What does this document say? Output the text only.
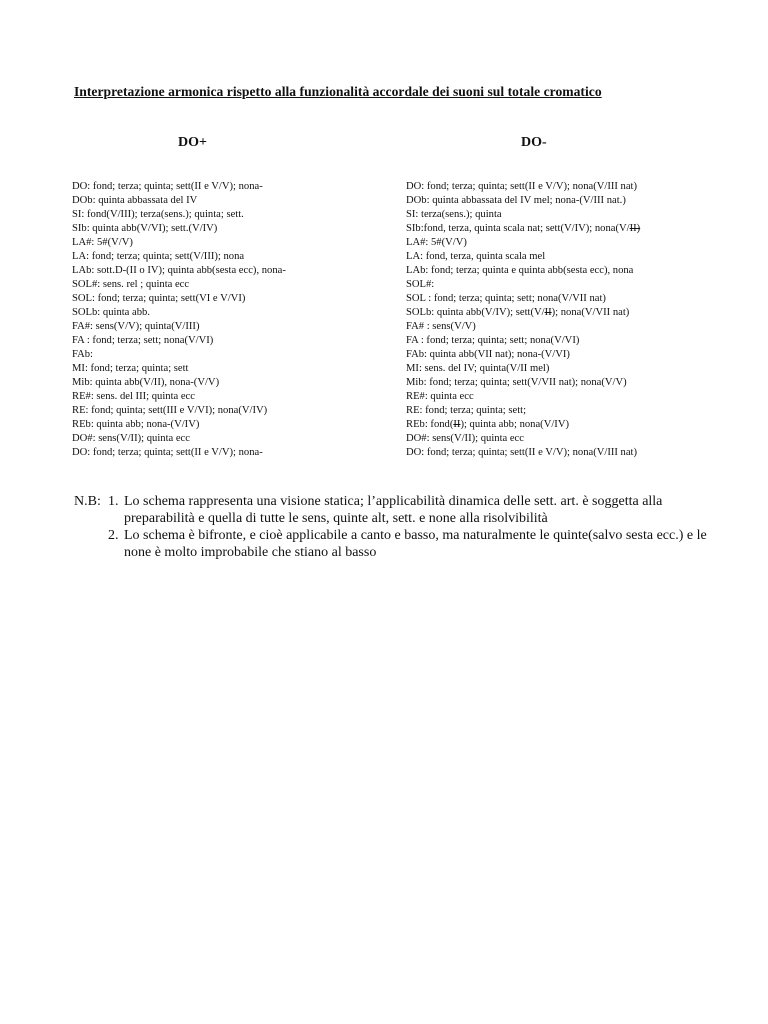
Interpretazione armonica rispetto alla funzionalità accordale dei suoni sul totale cromatico
DO+	DO-
DO: fond; terza; quinta; sett(II e V/V); nona-
DOb: quinta abbassata del IV
SI: fond(V/III); terza(sens.); quinta; sett.
SIb: quinta abb(V/VI); sett.(V/IV)
LA#: 5#(V/V)
LA: fond; terza; quinta; sett(V/III); nona
LAb: sott.D-(II o IV); quinta abb(sesta ecc), nona-
SOL#: sens. rel ; quinta ecc
SOL: fond; terza; quinta; sett(VI e V/VI)
SOLb: quinta abb.
FA#: sens(V/V); quinta(V/III)
FA : fond; terza; sett; nona(V/VI)
FAb:
MI: fond; terza; quinta; sett
Mib: quinta abb(V/II), nona-(V/V)
RE#: sens. del III; quinta ecc
RE: fond; quinta; sett(III e V/VI); nona(V/IV)
REb: quinta abb; nona-(V/IV)
DO#: sens(V/II); quinta ecc
DO: fond; terza; quinta; sett(II e V/V); nona-
DO: fond; terza; quinta; sett(II e V/V); nona(V/III nat)
DOb: quinta abbassata del IV mel; nona-(V/III nat.)
SI: terza(sens.); quinta
SIb:fond, terza, quinta scala nat; sett(V/IV); nona(V/II)
LA#: 5#(V/V)
LA: fond, terza, quinta scala mel
LAb: fond; terza; quinta e quinta abb(sesta ecc), nona
SOL#:
SOL : fond; terza; quinta; sett; nona(V/VII nat)
SOLb: quinta abb(V/IV); sett(V/II); nona(V/VII nat)
FA# : sens(V/V)
FA : fond; terza; quinta; sett; nona(V/VI)
FAb: quinta abb(VII nat); nona-(V/VI)
MI: sens. del IV; quinta(V/II mel)
Mib: fond; terza; quinta; sett(V/VII nat); nona(V/V)
RE#: quinta ecc
RE: fond; terza; quinta; sett;
REb: fond(II); quinta abb; nona(V/IV)
DO#: sens(V/II); quinta ecc
DO: fond; terza; quinta; sett(II e V/V); nona(V/III nat)
N.B: 1. Lo schema rappresenta una visione statica; l’applicabilità dinamica delle sett. art. è soggetta alla preparabilità e quella di tutte le sens, quinte alt, sett. e none alla risolvibilità
2. Lo schema è bifronte, e cioè applicabile a canto e basso, ma naturalmente le quinte(salvo sesta ecc.) e le none è molto improbabile che stiano al basso
